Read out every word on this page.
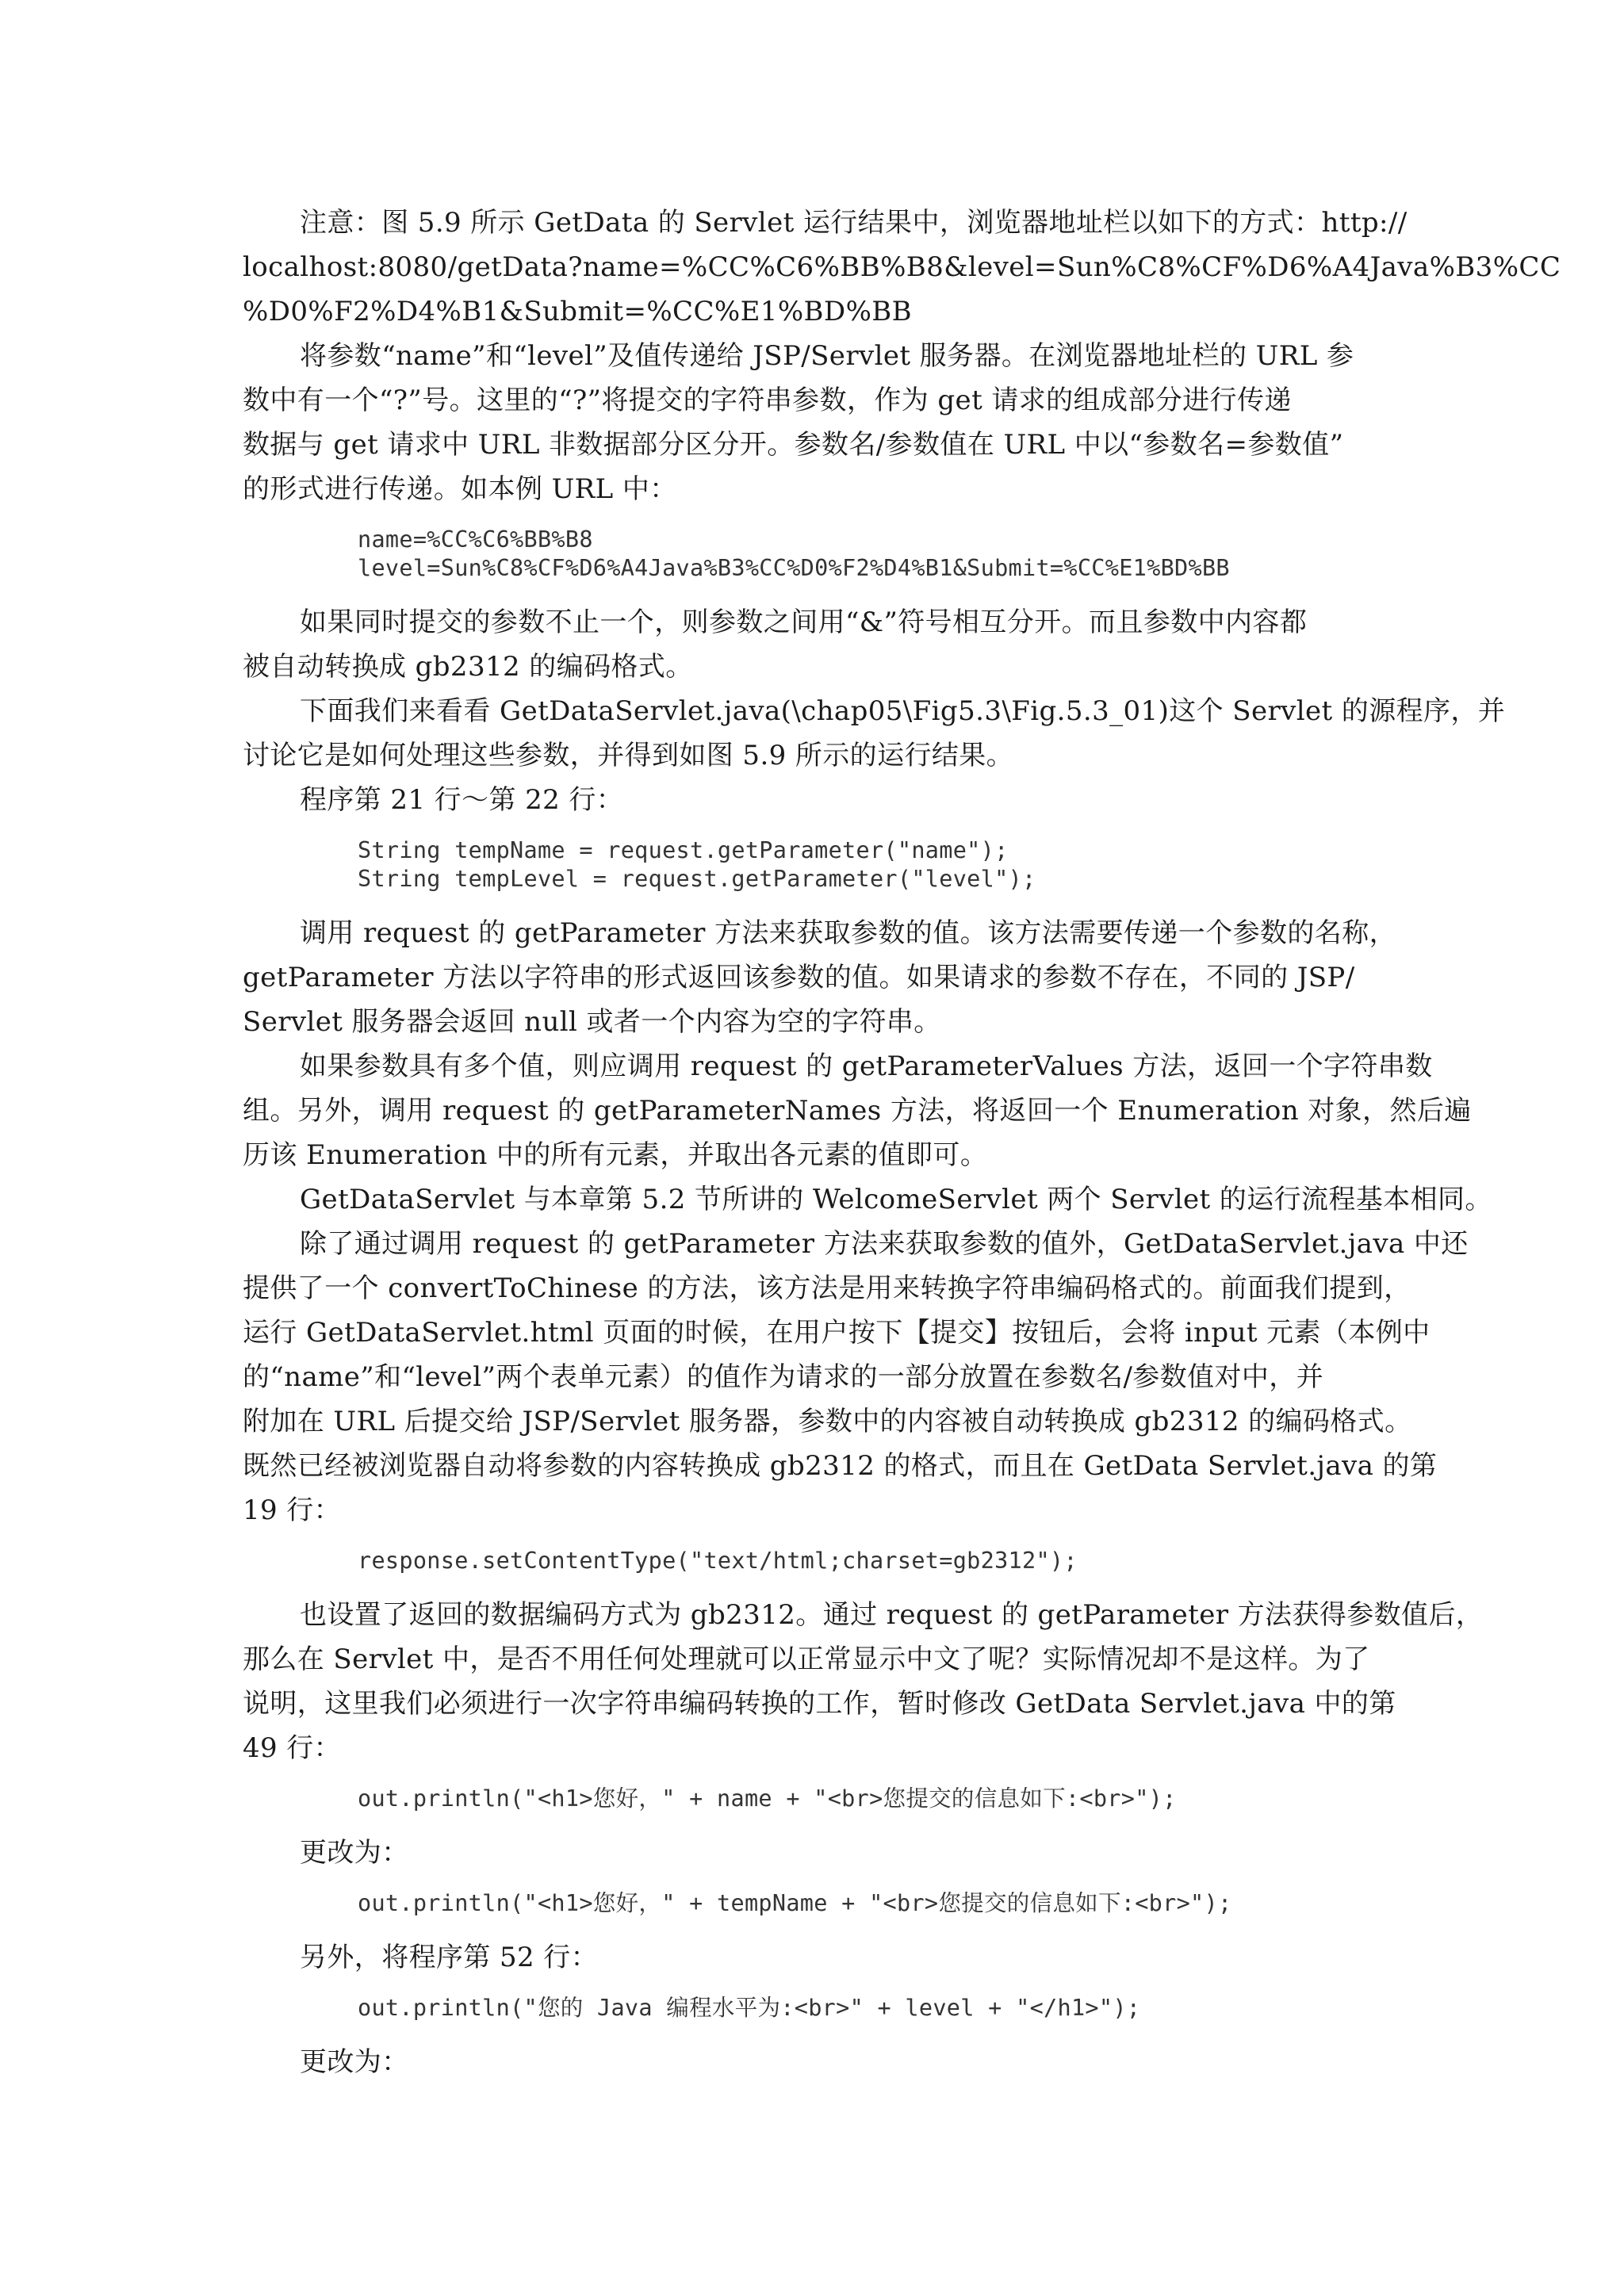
注意：图 5.9 所示 GetData 的 Servlet 运行结果中，浏览器地址栏以如下的方式：http://
localhost:8080/getData?name=%CC%C6%BB%B8&level=Sun%C8%CF%D6%A4Java%B3%CC
%D0%F2%D4%B1&Submit=%CC%E1%BD%BB
将参数“name”和“level”及值传递给 JSP/Servlet 服务器。在浏览器地址栏的 URL 参
数中有一个“?”号。这里的“?”将提交的字符串参数，作为 get 请求的组成部分进行传递
数据与 get 请求中 URL 非数据部分区分开。参数名/参数值在 URL 中以“参数名=参数值”
的形式进行传递。如本例 URL 中：
name=%CC%C6%BB%B8
level=Sun%C8%CF%D6%A4Java%B3%CC%D0%F2%D4%B1&Submit=%CC%E1%BD%BB
如果同时提交的参数不止一个，则参数之间用“&”符号相互分开。而且参数中内容都
被自动转换成 gb2312 的编码格式。
下面我们来看看 GetDataServlet.java(\chap05\Fig5.3\Fig.5.3_01)这个 Servlet 的源程序，并
讨论它是如何处理这些参数，并得到如图 5.9 所示的运行结果。
程序第 21 行～第 22 行：
String tempName = request.getParameter("name");
String tempLevel = request.getParameter("level");
调用 request 的 getParameter 方法来获取参数的值。该方法需要传递一个参数的名称，
getParameter 方法以字符串的形式返回该参数的值。如果请求的参数不存在，不同的 JSP/
Servlet 服务器会返回 null 或者一个内容为空的字符串。
如果参数具有多个值，则应调用 request 的 getParameterValues 方法，返回一个字符串数
组。另外，调用 request 的 getParameterNames 方法，将返回一个 Enumeration 对象，然后遍
历该 Enumeration 中的所有元素，并取出各元素的值即可。
GetDataServlet 与本章第 5.2 节所讲的 WelcomeServlet 两个 Servlet 的运行流程基本相同。
除了通过调用 request 的 getParameter 方法来获取参数的值外，GetDataServlet.java 中还
提供了一个 convertToChinese 的方法，该方法是用来转换字符串编码格式的。前面我们提到，
运行 GetDataServlet.html 页面的时候，在用户按下【提交】按钮后，会将 input 元素（本例中
的“name”和“level”两个表单元素）的值作为请求的一部分放置在参数名/参数值对中，并
附加在 URL 后提交给 JSP/Servlet 服务器，参数中的内容被自动转换成 gb2312 的编码格式。
既然已经被浏览器自动将参数的内容转换成 gb2312 的格式，而且在 GetData Servlet.java 的第
19 行：
response.setContentType("text/html;charset=gb2312");
也设置了返回的数据编码方式为 gb2312。通过 request 的 getParameter 方法获得参数值后，
那么在 Servlet 中，是否不用任何处理就可以正常显示中文了呢？实际情况却不是这样。为了
说明，这里我们必须进行一次字符串编码转换的工作，暂时修改 GetData Servlet.java 中的第
49 行：
out.println("<h1>您好，" + name + "<br>您提交的信息如下:<br>");
更改为：
out.println("<h1>您好，" + tempName + "<br>您提交的信息如下:<br>");
另外，将程序第 52 行：
out.println("您的 Java 编程水平为:<br>" + level + "</h1>");
更改为：
